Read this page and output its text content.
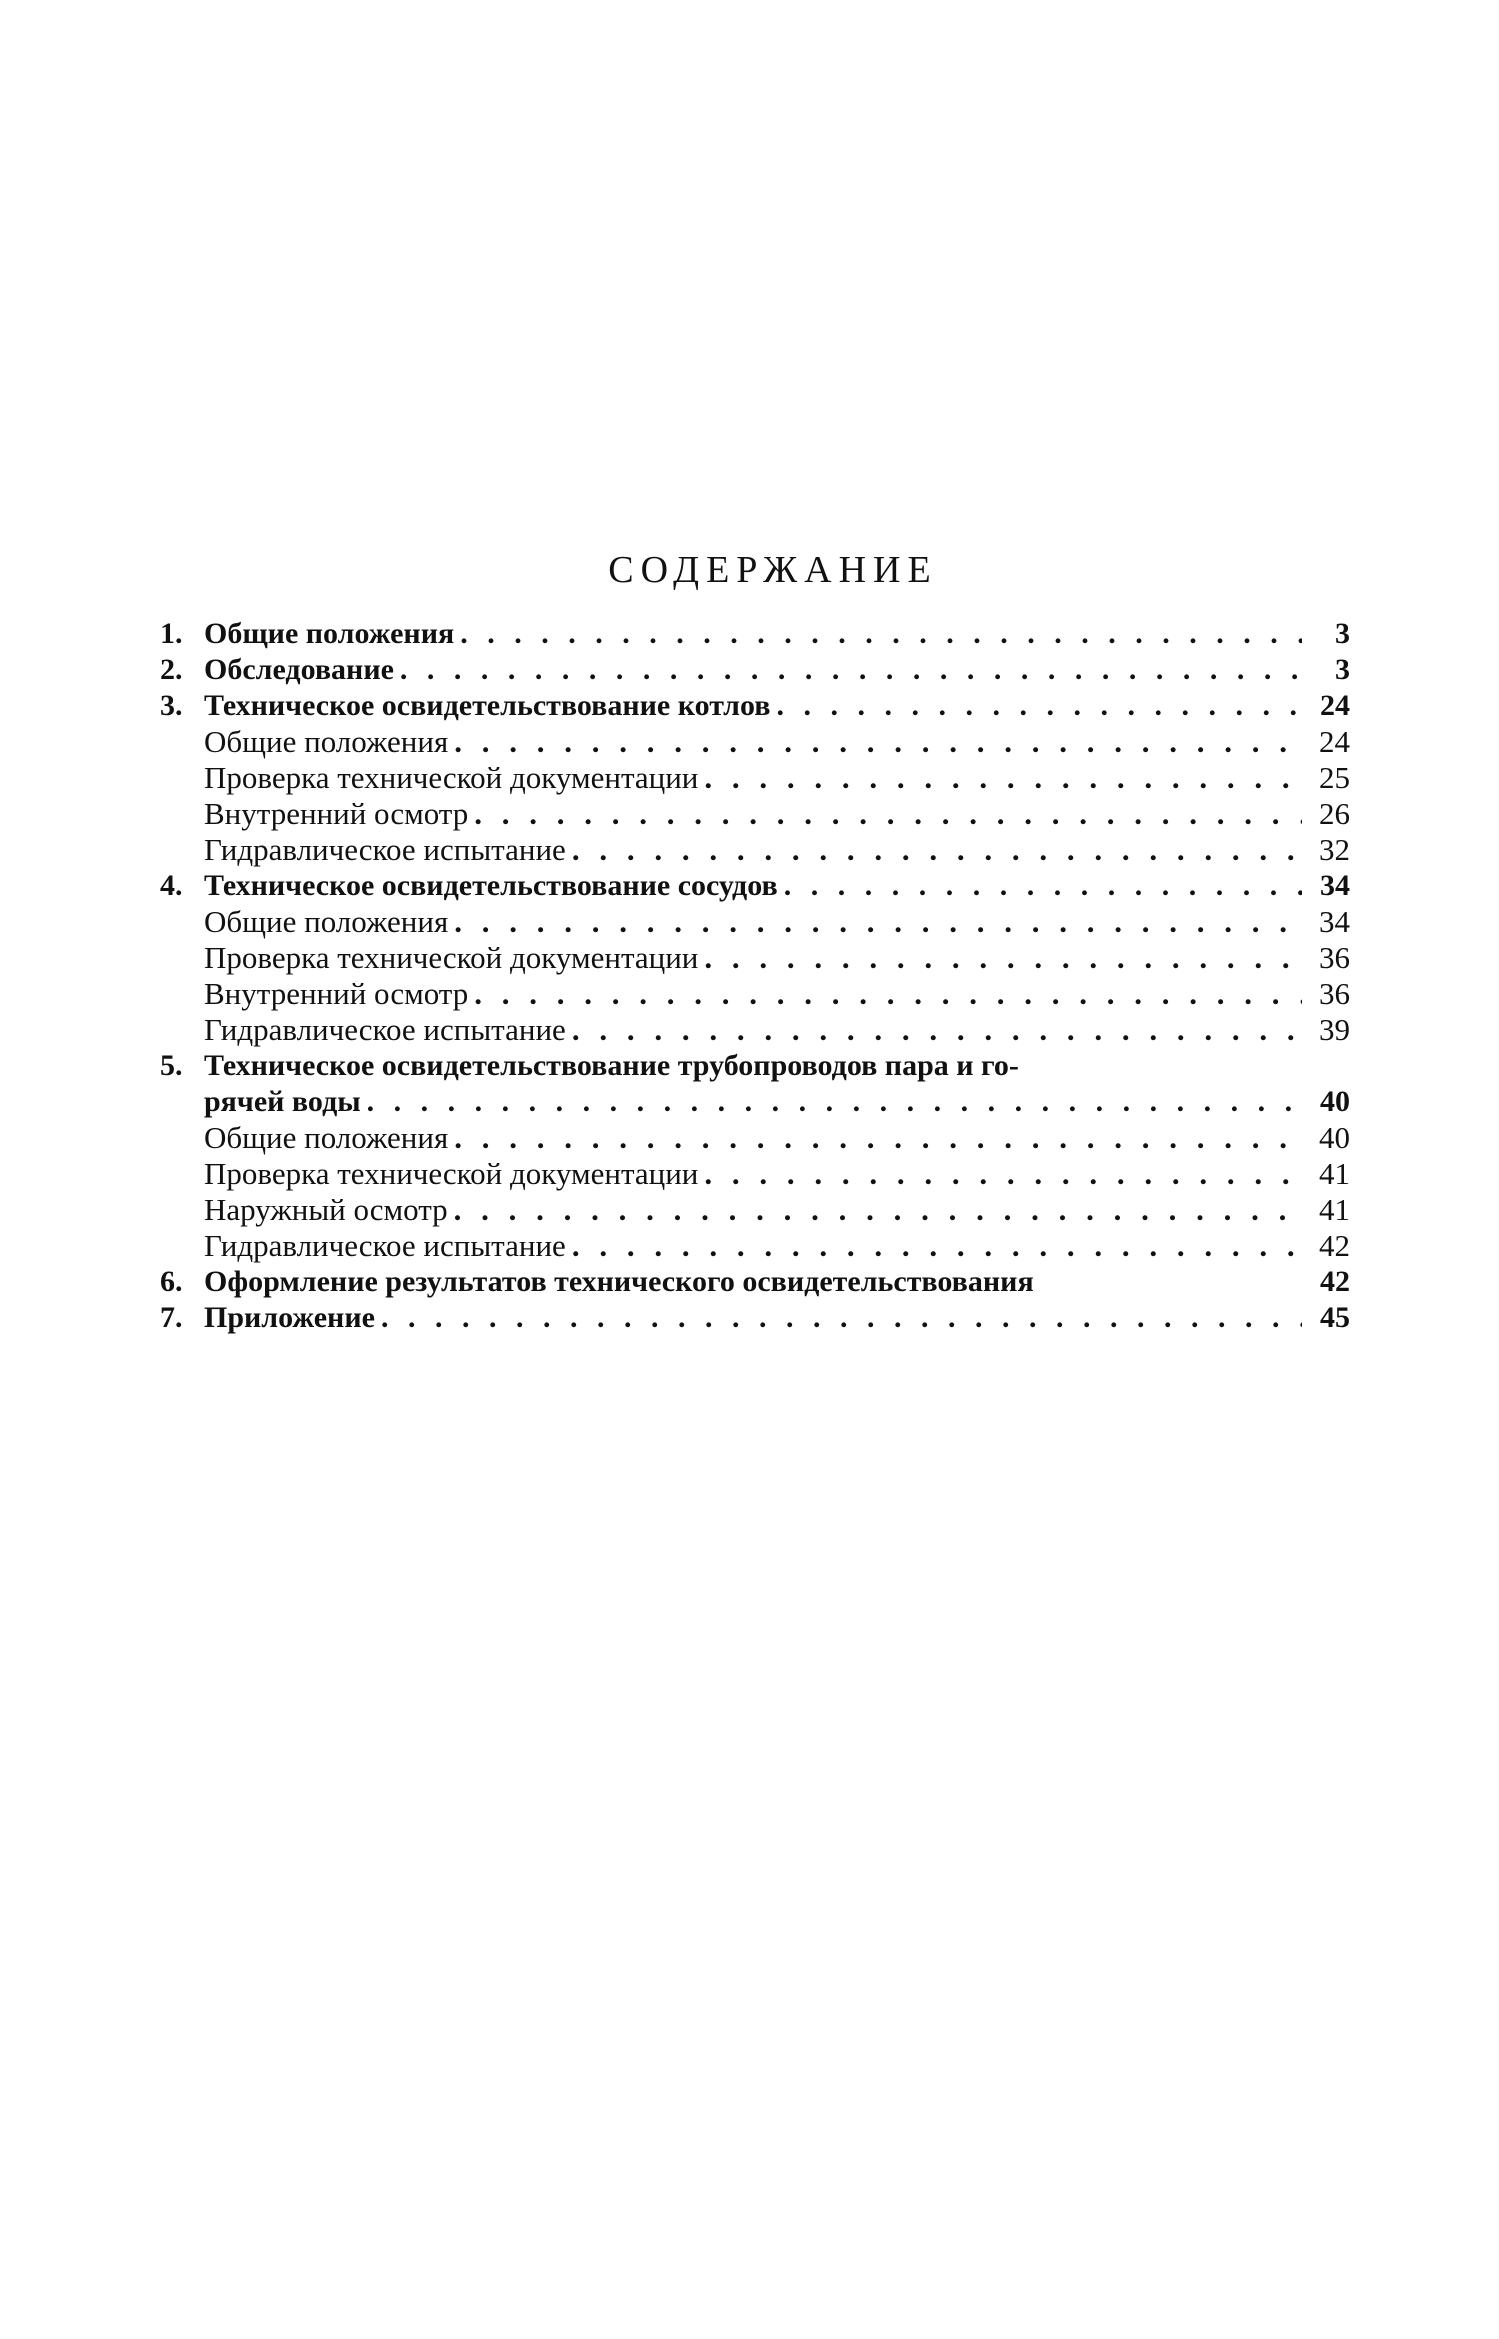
СОДЕРЖАНИЕ
1. Общие положения . . .	3
2. Обследование . . .	3
3. Техническое освидетельствование котлов . . .	24
Общие положения . . .	24
Проверка технической документации . . .	25
Внутренний осмотр . . .	26
Гидравлическое испытание . . .	32
4. Техническое освидетельствование сосудов . . .	34
Общие положения . . .	34
Проверка технической документации . . .	36
Внутренний осмотр . . .	36
Гидравлическое испытание . . .	39
5. Техническое освидетельствование трубопроводов пара и го-
рячей воды . . .	40
Общие положения . . .	40
Проверка технической документации . . .	41
Наружный осмотр . . .	41
Гидравлическое испытание . . .	42
6. Оформление результатов технического освидетельствования	42
7. Приложение . . .	45
